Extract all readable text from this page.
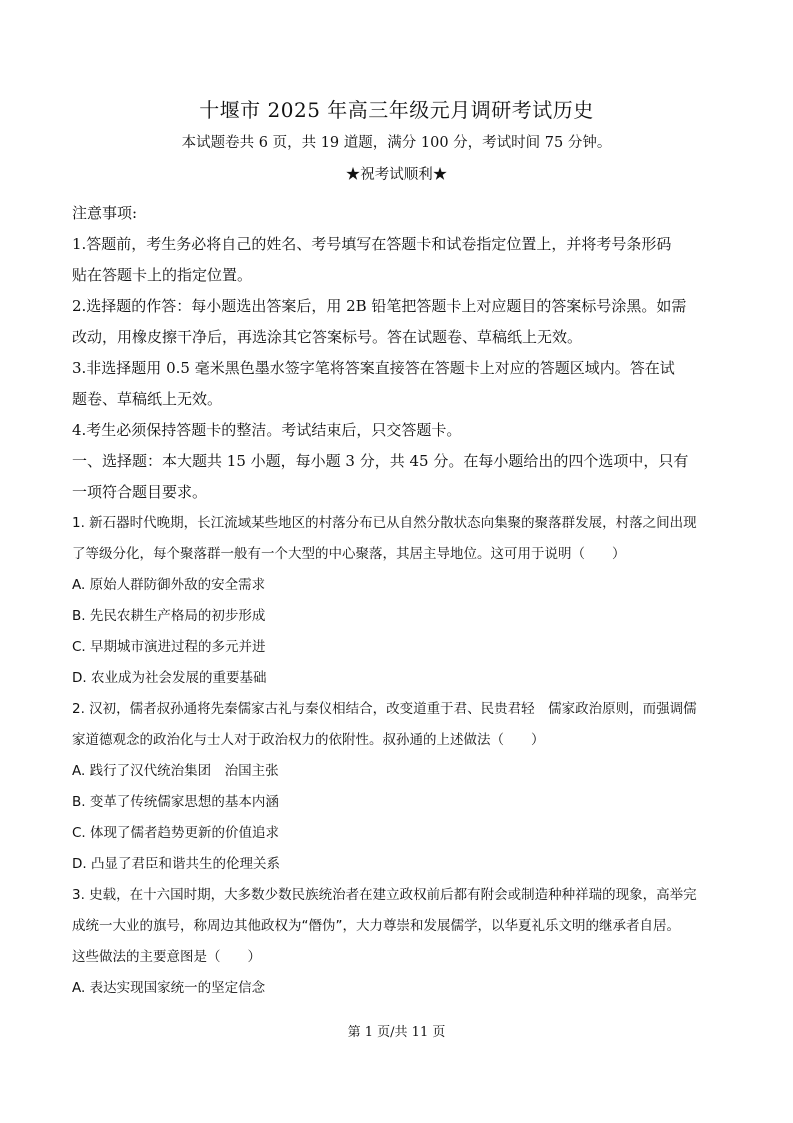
十堰市 2025 年高三年级元月调研考试历史
本试题卷共 6 页，共 19 道题，满分 100 分，考试时间 75 分钟。
★祝考试顺利★
注意事项:
1.答题前，考生务必将自己的姓名、考号填写在答题卡和试卷指定位置上，并将考号条形码
贴在答题卡上的指定位置。
2.选择题的作答：每小题选出答案后，用 2B 铅笔把答题卡上对应题目的答案标号涂黑。如需
改动，用橡皮擦干净后，再选涂其它答案标号。答在试题卷、草稿纸上无效。
3.非选择题用 0.5 毫米黑色墨水签字笔将答案直接答在答题卡上对应的答题区域内。答在试
题卷、草稿纸上无效。
4.考生必须保持答题卡的整洁。考试结束后，只交答题卡。
一、选择题：本大题共 15 小题，每小题 3 分，共 45 分。在每小题给出的四个选项中，只有
一项符合题目要求。
1. 新石器时代晚期，长江流域某些地区的村落分布已从自然分散状态向集聚的聚落群发展，村落之间出现
了等级分化，每个聚落群一般有一个大型的中心聚落，其居主导地位。这可用于说明（　　）
A. 原始人群防御外敌的安全需求
B. 先民农耕生产格局的初步形成
C. 早期城市演进过程的多元并进
D. 农业成为社会发展的重要基础
2. 汉初，儒者叔孙通将先秦儒家古礼与秦仪相结合，改变道重于君、民贵君轻　儒家政治原则，而强调儒
家道德观念的政治化与士人对于政治权力的依附性。叔孙通的上述做法（　　）
A. 践行了汉代统治集团　治国主张
B. 变革了传统儒家思想的基本内涵
C. 体现了儒者趋势更新的价值追求
D. 凸显了君臣和谐共生的伦理关系
3. 史载，在十六国时期，大多数少数民族统治者在建立政权前后都有附会或制造种种祥瑞的现象，高举完
成统一大业的旗号，称周边其他政权为“僭伪”，大力尊崇和发展儒学，以华夏礼乐文明的继承者自居。
这些做法的主要意图是（　　）
A. 表达实现国家统一的坚定信念
第 1 页/共 11 页
